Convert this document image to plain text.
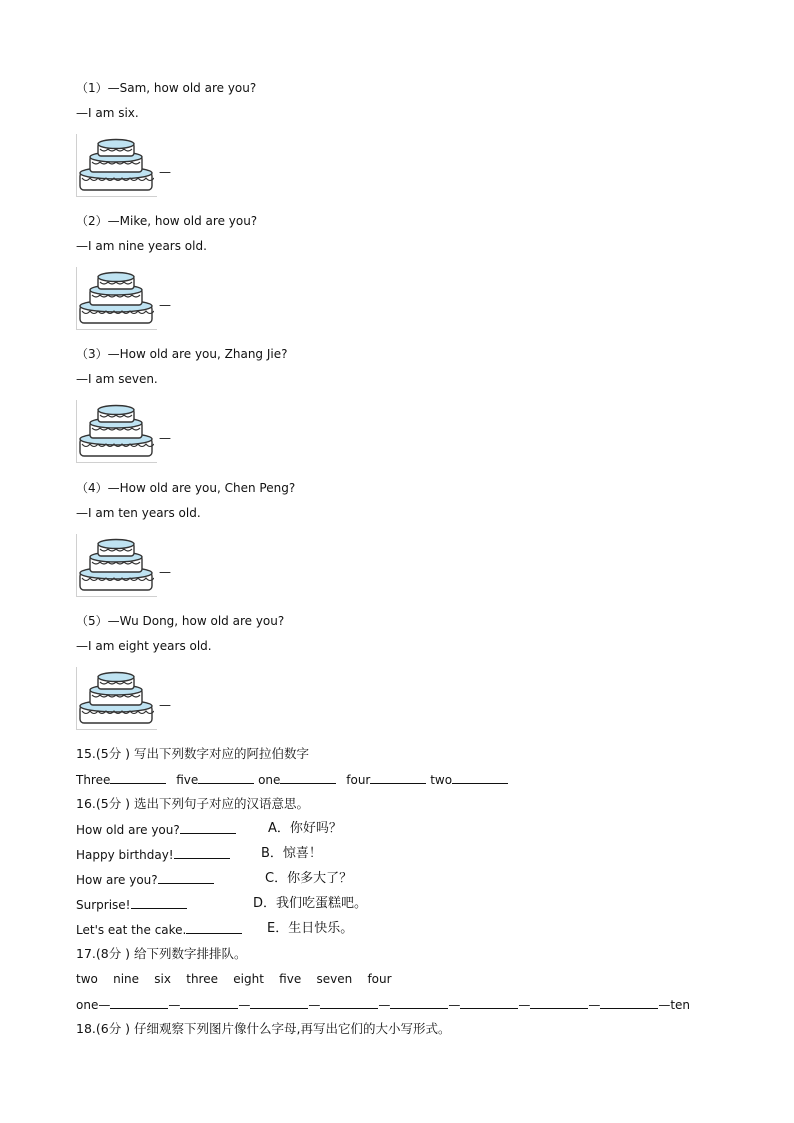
（1）—Sam, how old are you?
—I am six.
—
（2）—Mike, how old are you?
—I am nine years old.
—
（3）—How old are you, Zhang Jie?
—I am seven.
—
（4）—How old are you, Chen Peng?
—I am ten years old.
—
（5）—Wu Dong, how old are you?
—I am eight years old.
—
15.(5分 ) 写出下列数字对应的阿拉伯数字
Three	five	one	four	two
16.(5分 ) 选出下列句子对应的汉语意思。
How old are you?	A．你好吗？
Happy birthday!	B．惊喜！
How are you?	C．你多大了？
Surprise!	D．我们吃蛋糕吧。
Let's eat the cake.	E．生日快乐。
17.(8分 ) 给下列数字排排队。
two    nine    six    three    eight    five    seven    four
one—	—	—	—	—	—	—	—	—ten
18.(6分 ) 仔细观察下列图片像什么字母,再写出它们的大小写形式。
